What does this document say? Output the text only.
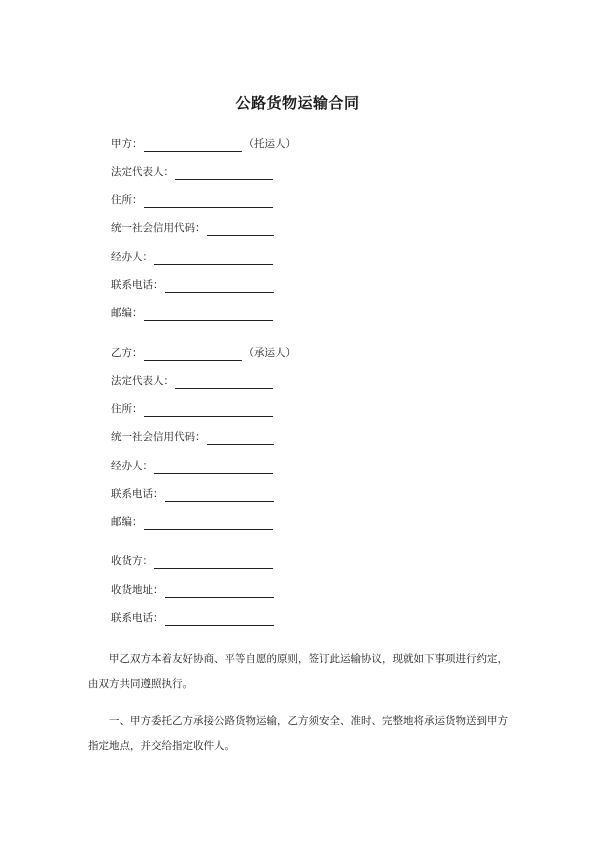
公路货物运输合同
甲方：	（托运人）
法定代表人：
住所：
统一社会信用代码：
经办人：
联系电话：
邮编：
乙方：	（承运人）
法定代表人：
住所：
统一社会信用代码：
经办人：
联系电话：
邮编：
收货方：
收货地址：
联系电话：
甲乙双方本着友好协商、平等自愿的原则，签订此运输协议，现就如下事项进行约定，
由双方共同遵照执行。
一、甲方委托乙方承接公路货物运输，乙方须安全、准时、完整地将承运货物送到甲方
指定地点，并交给指定收件人。
